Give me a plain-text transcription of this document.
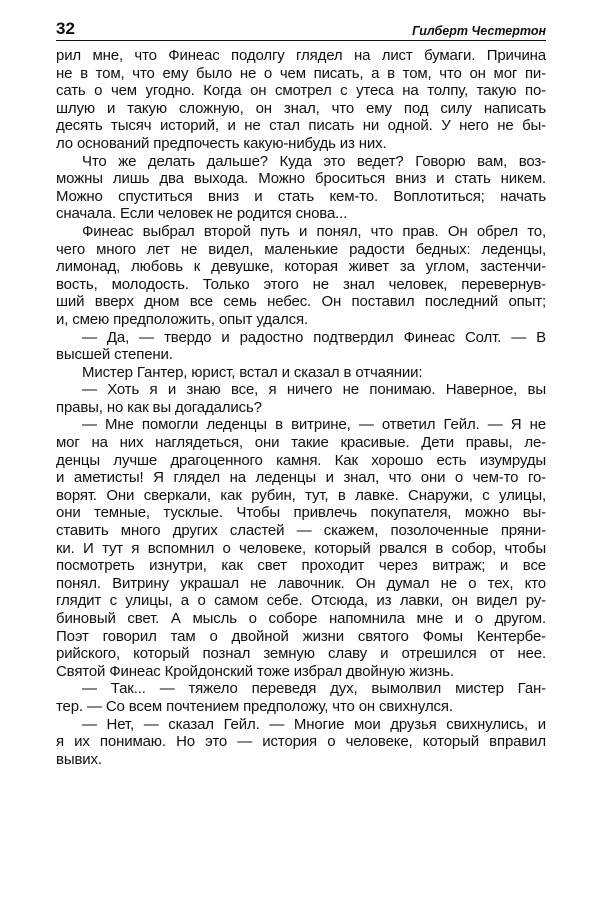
32	Гилберт Честертон
рил мне, что Финеас подолгу глядел на лист бумаги. Причина
не в том, что ему было не о чем писать, а в том, что он мог пи-
сать о чем угодно. Когда он смотрел с утеса на толпу, такую по-
шлую и такую сложную, он знал, что ему под силу написать
десять тысяч историй, и не стал писать ни одной. У него не бы-
ло оснований предпочесть какую-нибудь из них.
Что же делать дальше? Куда это ведет? Говорю вам, воз-
можны лишь два выхода. Можно броситься вниз и стать никем.
Можно спуститься вниз и стать кем-то. Воплотиться; начать
сначала. Если человек не родится снова...
Финеас выбрал второй путь и понял, что прав. Он обрел то,
чего много лет не видел, маленькие радости бедных: леденцы,
лимонад, любовь к девушке, которая живет за углом, застенчи-
вость, молодость. Только этого не знал человек, перевернув-
ший вверх дном все семь небес. Он поставил последний опыт;
и, смею предположить, опыт удался.
— Да, — твердо и радостно подтвердил Финеас Солт. — В
высшей степени.
Мистер Гантер, юрист, встал и сказал в отчаянии:
— Хоть я и знаю все, я ничего не понимаю. Наверное, вы
правы, но как вы догадались?
— Мне помогли леденцы в витрине, — ответил Гейл. — Я не
мог на них наглядеться, они такие красивые. Дети правы, ле-
денцы лучше драгоценного камня. Как хорошо есть изумруды
и аметисты! Я глядел на леденцы и знал, что они о чем-то го-
ворят. Они сверкали, как рубин, тут, в лавке. Снаружи, с улицы,
они темные, тусклые. Чтобы привлечь покупателя, можно вы-
ставить много других сластей — скажем, позолоченные пряни-
ки. И тут я вспомнил о человеке, который рвался в собор, чтобы
посмотреть изнутри, как свет проходит через витраж; и все
понял. Витрину украшал не лавочник. Он думал не о тех, кто
глядит с улицы, а о самом себе. Отсюда, из лавки, он видел ру-
биновый свет. А мысль о соборе напомнила мне и о другом.
Поэт говорил там о двойной жизни святого Фомы Кентербе-
рийского, который познал земную славу и отрешился от нее.
Святой Финеас Кройдонский тоже избрал двойную жизнь.
— Так... — тяжело переведя дух, вымолвил мистер Ган-
тер. — Со всем почтением предположу, что он свихнулся.
— Нет, — сказал Гейл. — Многие мои друзья свихнулись, и
я их понимаю. Но это — история о человеке, который вправил
вывих.
